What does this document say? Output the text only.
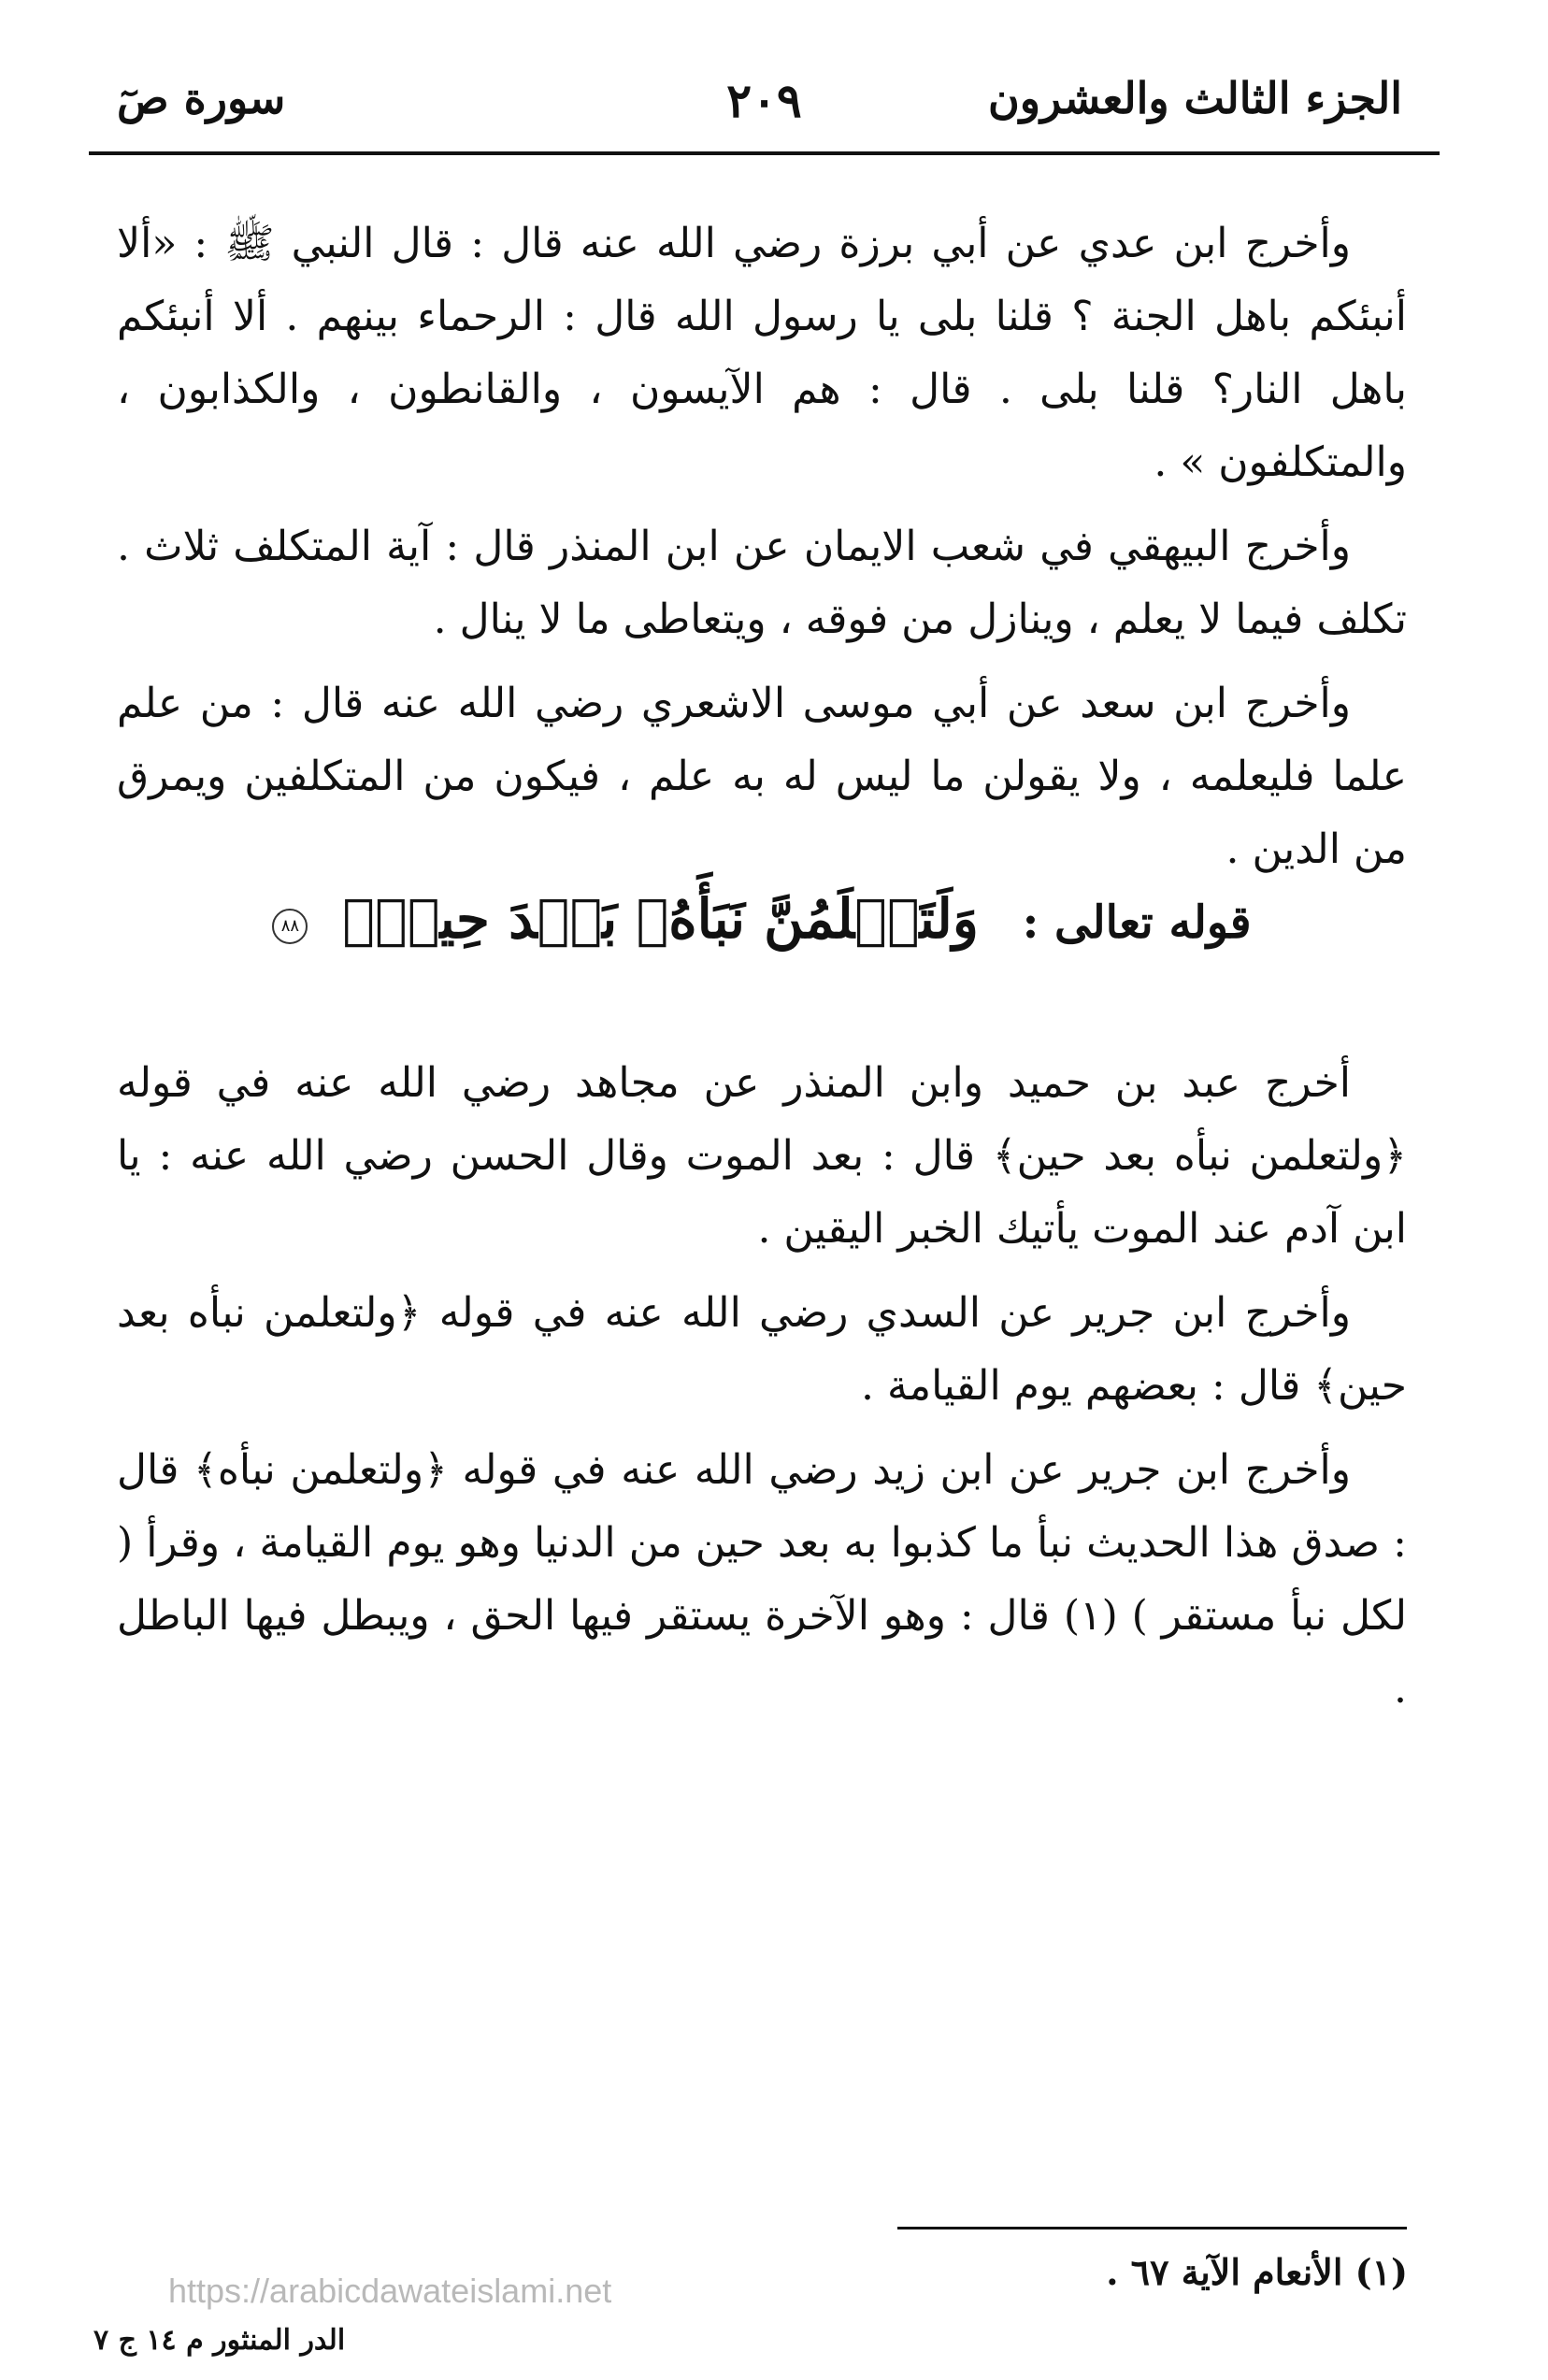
الجزء الثالث والعشرون
٢٠٩
سورة صٓ

وأخرج ابن عدي عن أبي برزة رضي الله عنه قال : قال النبي ﷺ : «ألا أنبئكم باهل الجنة ؟ قلنا بلى يا رسول الله قال : الرحماء بينهم . ألا أنبئكم باهل النار؟ قلنا بلى . قال : هم الآيسون ، والقانطون ، والكذابون ، والمتكلفون » .

وأخرج البيهقي في شعب الايمان عن ابن المنذر قال : آية المتكلف ثلاث . تكلف فيما لا يعلم ، وينازل من فوقه ، ويتعاطى ما لا ينال .

وأخرج ابن سعد عن أبي موسى الاشعري رضي الله عنه قال : من علم علما فليعلمه ، ولا يقولن ما ليس له به علم ، فيكون من المتكلفين ويمرق من الدين .

قوله تعالى : وَلَتَعۡلَمُنَّ نَبَأَهُۥ بَعۡدَ حِينِۭ ٨٨

أخرج عبد بن حميد وابن المنذر عن مجاهد رضي الله عنه في قوله ﴿ولتعلمن نبأه بعد حين﴾ قال : بعد الموت وقال الحسن رضي الله عنه : يا ابن آدم عند الموت يأتيك الخبر اليقين .

وأخرج ابن جرير عن السدي رضي الله عنه في قوله ﴿ولتعلمن نبأه بعد حين﴾ قال : بعضهم يوم القيامة .

وأخرج ابن جرير عن ابن زيد رضي الله عنه في قوله ﴿ولتعلمن نبأه﴾ قال : صدق هذا الحديث نبأ ما كذبوا به بعد حين من الدنيا وهو يوم القيامة ، وقرأ ( لكل نبأ مستقر ) (١) قال : وهو الآخرة يستقر فيها الحق ، ويبطل فيها الباطل .

(١) الأنعام الآية ٦٧ .
https://arabicdawateislami.net
الدر المنثور م ١٤ ج ٧
